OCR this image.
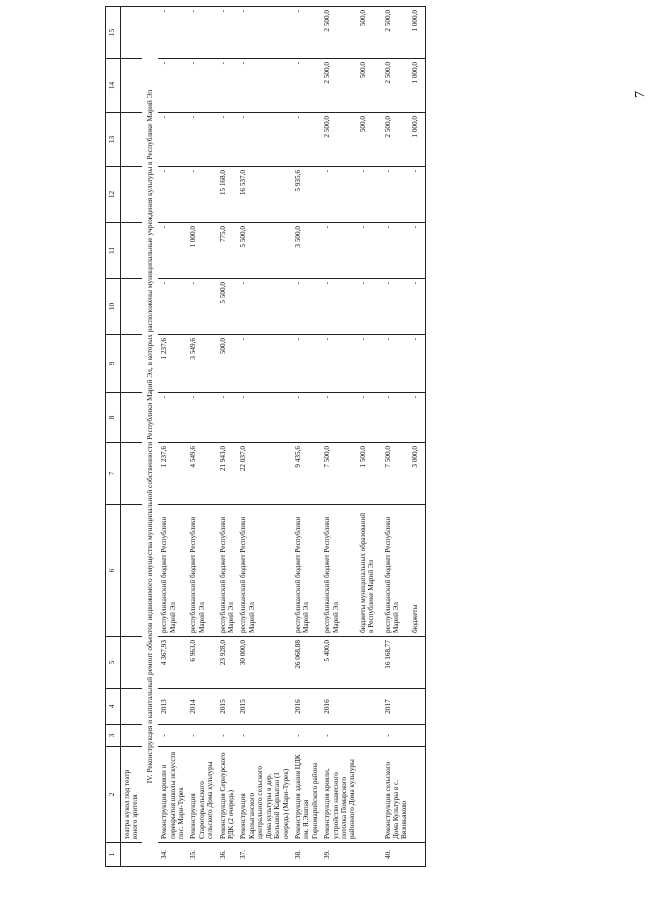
7
1	2	3	4	5	6	7	8	9	10	11	12	13	14	15
	театра кукол под театр юного зрителя													
IV. Реконструкция и капитальный ремонт объектов недвижимого имущества муниципальной собственности Республики Марий Эл, в которых расположены муниципальные учреждения культуры в Республике Марий Эл														
34.	Реконструкция кровли и перекрытия школы искусств пос. Мари-Турек	-	2013	4 367,93	республиканский бюджет Республики Марий Эл	1 237,6	-	1 237,6	-	-	-	-	-	-
35.	Реконструкция Старогорьельского сельского Дома культуры	-	2014	6 963,0	республиканский бюджет Республики Марий Эл	4 549,6	-	3 549,6	-	1 000,0	-	-	-	-
36.	Реконструкция Сернурского РДК (2 очередь)	-	2015	23 928,0	республиканский бюджет Республики Марий Эл	21 943,0	-	500,0	5 500,0	775,0	15 168,0	-	-	-
37.	Реконструкция Карлыганского центрального сельского Дома культуры в дер. Большой Карлыган (1 очередь) (Мари-Турек)	-	2015	30 000,0	республиканский бюджет Республики Марий Эл	22 037,0	-	-	-	5 500,0	16 537,0	-	-	-
38.	Реконструкция здания ЦДК им. Я.Эшпая Горномарийского района	-	2016	26 068,88	республиканский бюджет Республики Марий Эл	9 435,6	-	-	-	3 500,0	5 935,6	-	-	-
39.	Реконструкция кровли, устройство навесного потолка Помарского районного Дома культуры	-	2016	5 400,0	республиканский бюджет Республики Марий Эл	7 500,0	-	-	-	-	-	2 500,0	2 500,0	2 500,0
					бюджеты муниципальных образований в Республике Марий Эл	1 500,0	-	-	-	-	-	500,0	500,0	500,0
40.	Реконструкция сельского Дома Культуры в с. Вязовьяково	-	2017	16 168,77	республиканский бюджет Республики Марий Эл	7 500,0	-	-	-	-	-	2 500,0	2 500,0	2 500,0
					бюджеты	3 000,0	-	-	-	-	-	1 000,0	1 000,0	1 000,0
